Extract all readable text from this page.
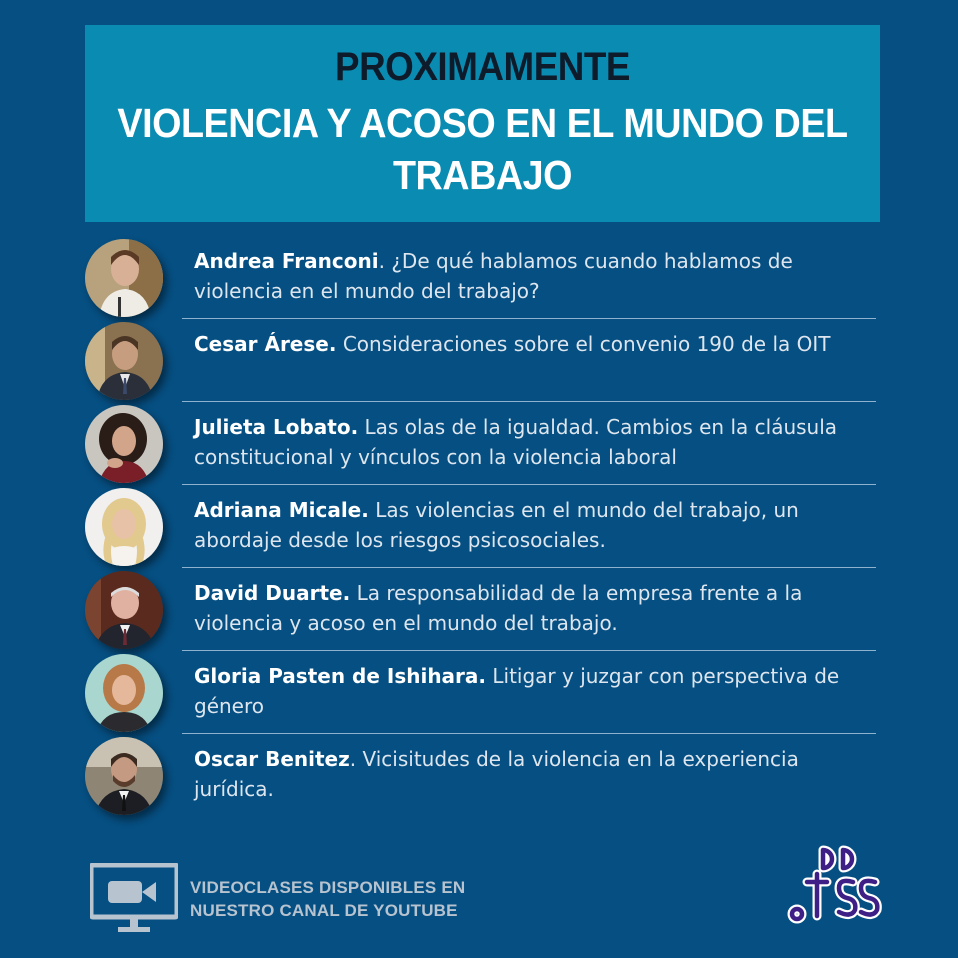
PROXIMAMENTE
VIOLENCIA Y ACOSO EN EL MUNDO DEL TRABAJO
Andrea Franconi. ¿De qué hablamos cuando hablamos de violencia en el mundo del trabajo?
Cesar Árese. Consideraciones sobre el convenio 190 de la OIT
Julieta Lobato. Las olas de la igualdad. Cambios en la cláusula constitucional y vínculos con la violencia laboral
Adriana Micale. Las violencias en el mundo del trabajo, un abordaje desde los riesgos psicosociales.
David Duarte. La responsabilidad de la empresa frente a la violencia y acoso en el mundo del trabajo.
Gloria Pasten de Ishihara. Litigar y juzgar con perspectiva de género
Oscar Benitez. Vicisitudes de la violencia en la experiencia jurídica.
VIDEOCLASES DISPONIBLES EN
NUESTRO CANAL DE YOUTUBE
